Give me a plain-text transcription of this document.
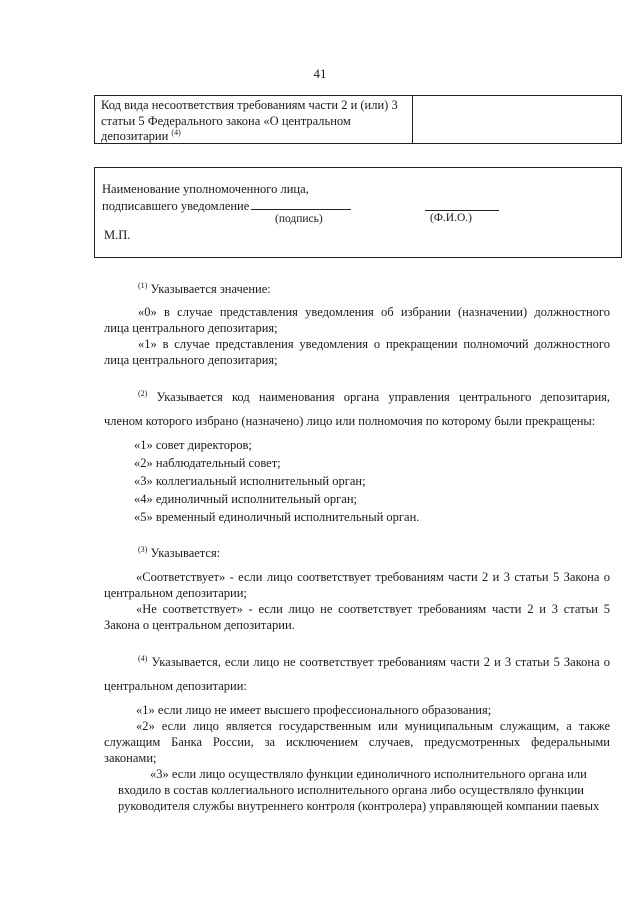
41
Код вида несоответствия требованиям части 2 и (или) 3
статьи 5 Федерального закона «О центральном
депозитарии $^{(4)}$
Наименование уполномоченного лица,
подписавшего уведомление
(подпись)	(Ф.И.О.)
М.П.

$^{(1)}$ Указывается значение:

«0» в случае представления уведомления об избрании (назначении) должностного

лица центрального депозитария;

«1» в случае представления уведомления о прекращении полномочий должностного

лица центрального депозитария;

$^{(2)}$ Указывается код наименования органа управления центрального депозитария,

членом которого избрано (назначено) лицо или полномочия по которому были прекращены:

«1» совет директоров;

«2» наблюдательный совет;

«3» коллегиальный исполнительный орган;

«4» единоличный исполнительный орган;

«5» временный единоличный исполнительный орган.

$^{(3)}$ Указывается:

«Соответствует» - если лицо соответствует требованиям части 2 и 3 статьи 5 Закона о

центральном депозитарии;

«Не соответствует» - если лицо не соответствует требованиям части 2 и 3 статьи 5

Закона о центральном депозитарии.

$^{(4)}$ Указывается, если лицо не соответствует требованиям части 2 и 3 статьи 5 Закона о

центральном депозитарии:

«1» если лицо не имеет высшего профессионального образования;

«2» если лицо является государственным или муниципальным служащим, а также

служащим Банка России, за исключением случаев, предусмотренных федеральными

законами;

«3» если лицо осуществляло функции единоличного исполнительного органа или

входило в состав коллегиального исполнительного органа либо осуществляло функции

руководителя службы внутреннего контроля (контролера) управляющей компании паевых
